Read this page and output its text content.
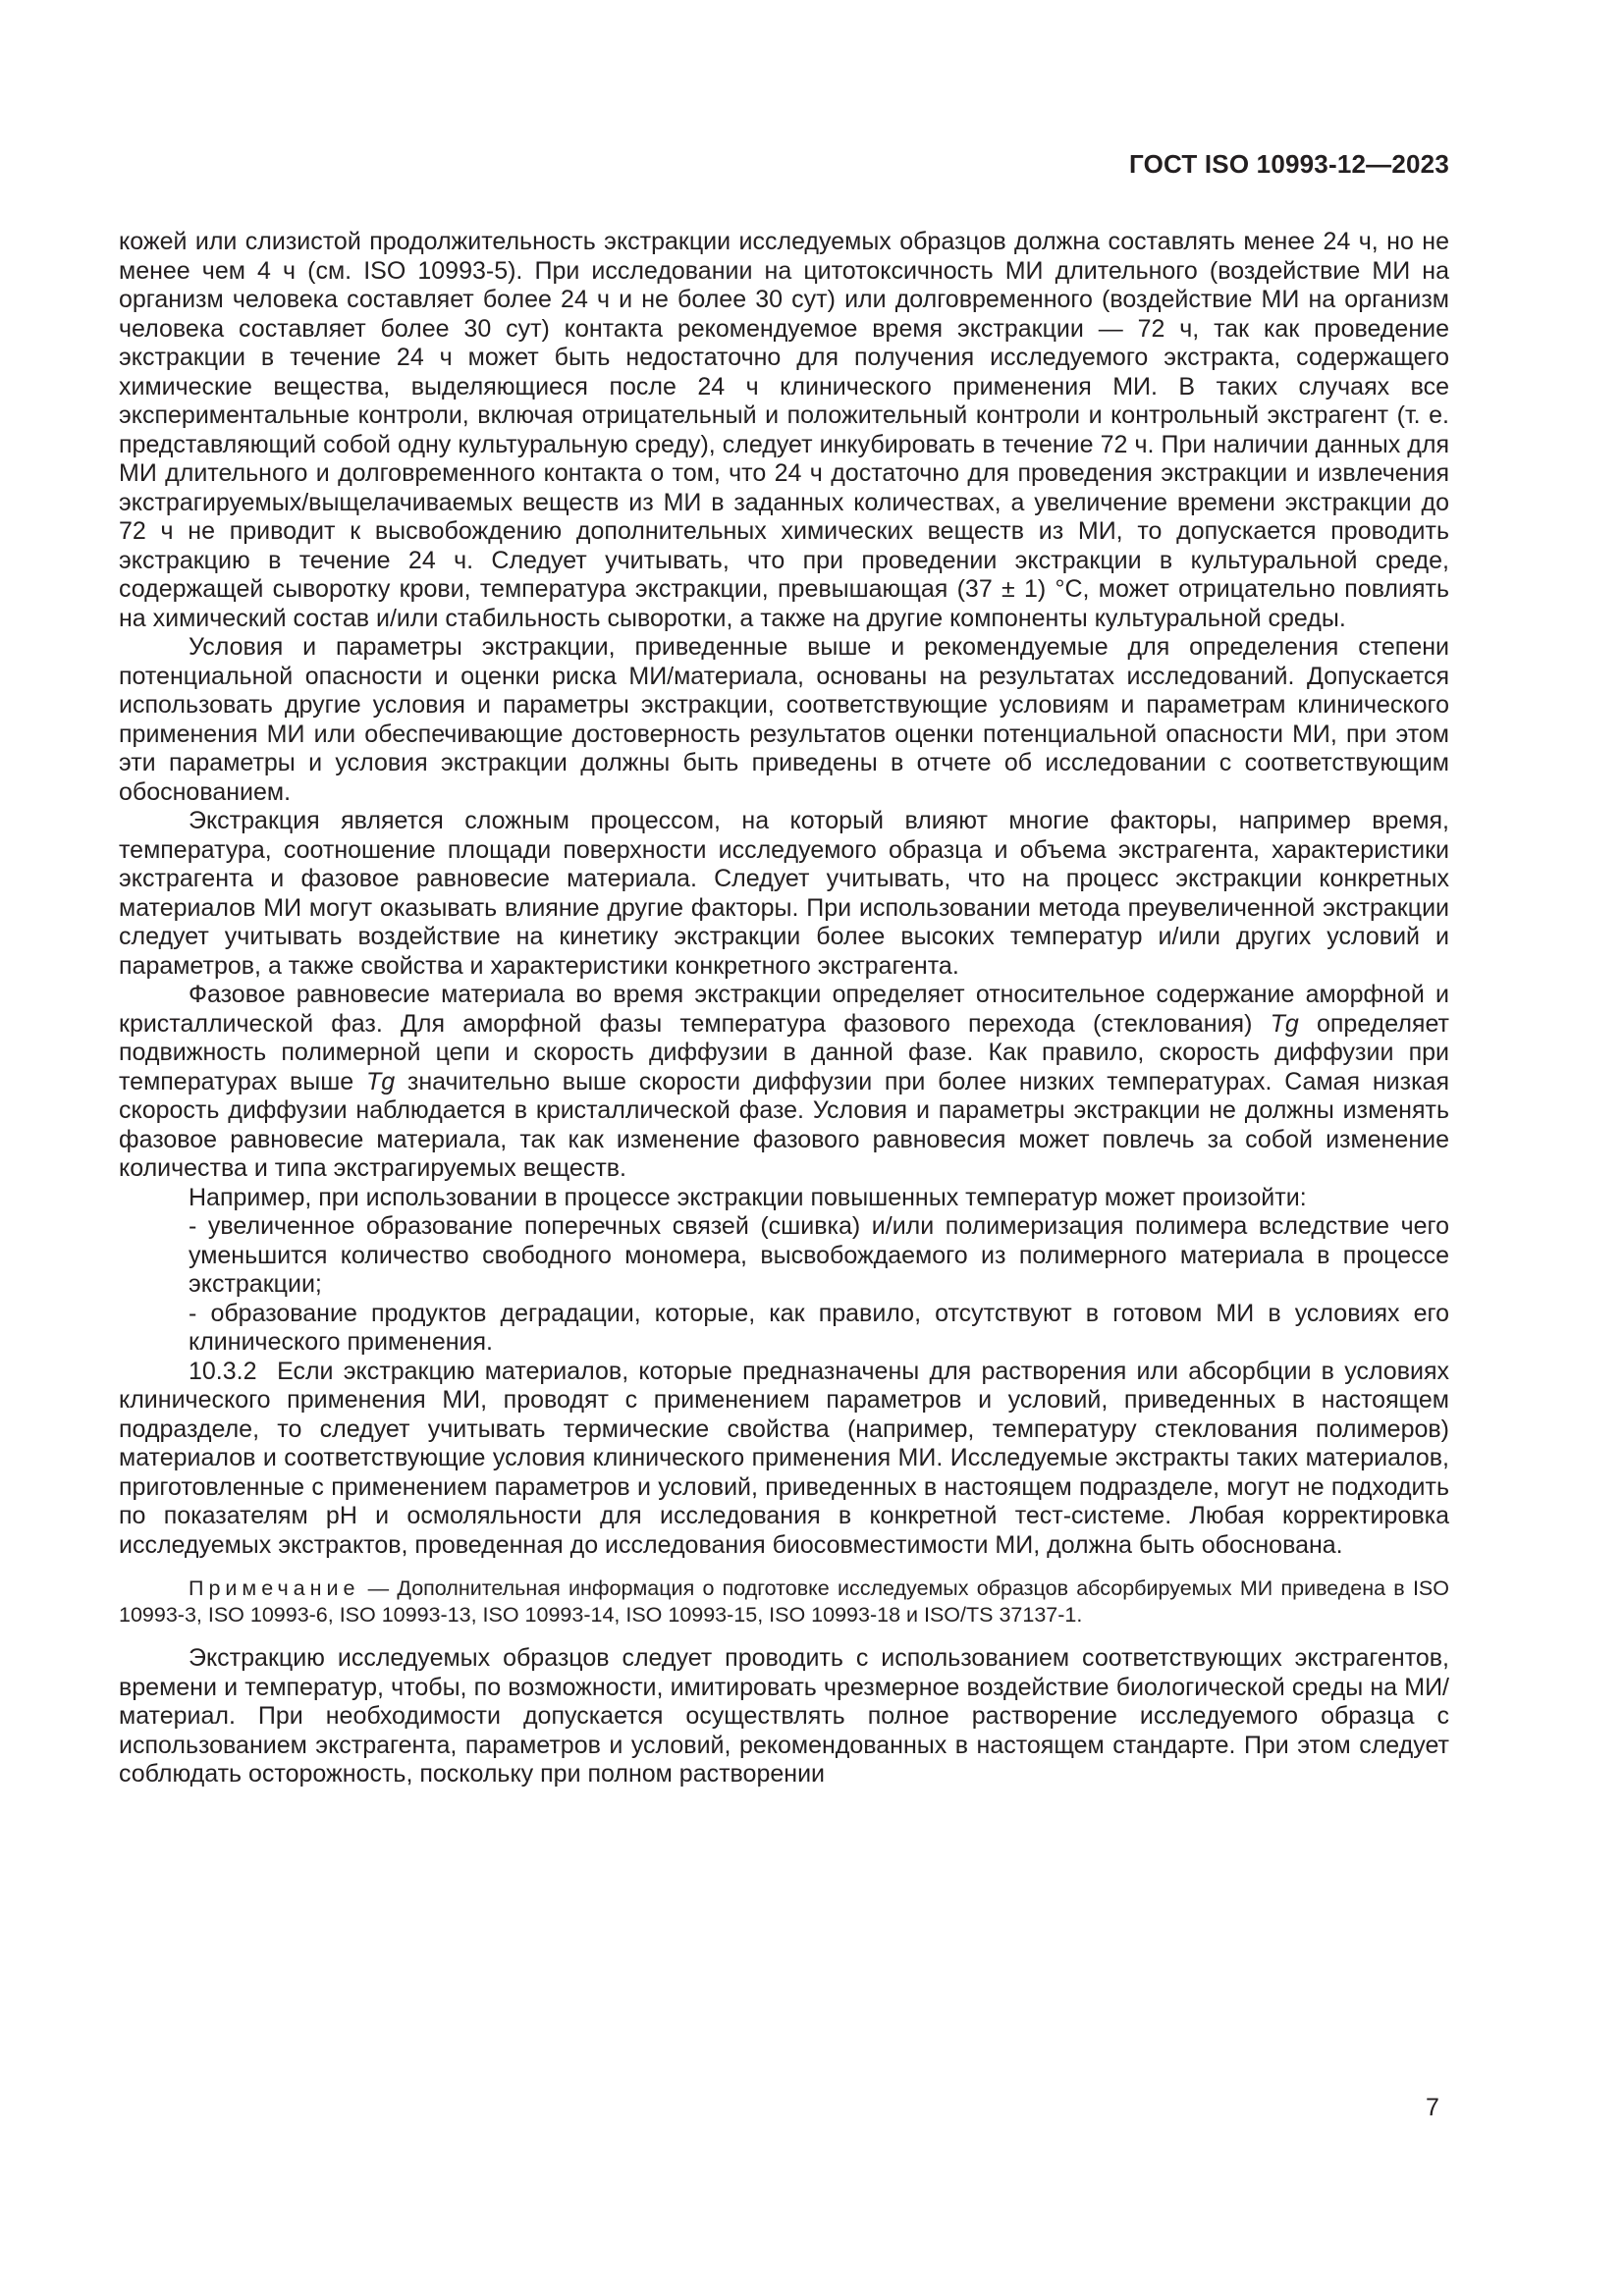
ГОСТ ISO 10993-12—2023

кожей или слизистой продолжительность экстракции исследуемых образцов должна составлять менее 24 ч, но не менее чем 4 ч (см. ISO 10993-5). При исследовании на цитотоксичность МИ длительного (воздействие МИ на организм человека составляет более 24 ч и не более 30 сут) или долговременного (воздействие МИ на организм человека составляет более 30 сут) контакта рекомендуемое время экстракции — 72 ч, так как проведение экстракции в течение 24 ч может быть недостаточно для получения исследуемого экстракта, содержащего химические вещества, выделяющиеся после 24 ч клинического применения МИ. В таких случаях все экспериментальные контроли, включая отрицательный и положительный контроли и контрольный экстрагент (т. е. представляющий собой одну культуральную среду), следует инкубировать в течение 72 ч. При наличии данных для МИ длительного и долговременного контакта о том, что 24 ч достаточно для проведения экстракции и извлечения экстрагируемых/выщелачиваемых веществ из МИ в заданных количествах, а увеличение времени экстракции до 72 ч не приводит к высвобождению дополнительных химических веществ из МИ, то допускается проводить экстракцию в течение 24 ч. Следует учитывать, что при проведении экстракции в культуральной среде, содержащей сыворотку крови, температура экстракции, превышающая (37 ± 1) °С, может отрицательно повлиять на химический состав и/или стабильность сыворотки, а также на другие компоненты культуральной среды.

Условия и параметры экстракции, приведенные выше и рекомендуемые для определения степени потенциальной опасности и оценки риска МИ/материала, основаны на результатах исследований. Допускается использовать другие условия и параметры экстракции, соответствующие условиям и параметрам клинического применения МИ или обеспечивающие достоверность результатов оценки потенциальной опасности МИ, при этом эти параметры и условия экстракции должны быть приведены в отчете об исследовании с соответствующим обоснованием.

Экстракция является сложным процессом, на который влияют многие факторы, например время, температура, соотношение площади поверхности исследуемого образца и объема экстрагента, характеристики экстрагента и фазовое равновесие материала. Следует учитывать, что на процесс экстракции конкретных материалов МИ могут оказывать влияние другие факторы. При использовании метода преувеличенной экстракции следует учитывать воздействие на кинетику экстракции более высоких температур и/или других условий и параметров, а также свойства и характеристики конкретного экстрагента.

Фазовое равновесие материала во время экстракции определяет относительное содержание аморфной и кристаллической фаз. Для аморфной фазы температура фазового перехода (стеклования) Tg определяет подвижность полимерной цепи и скорость диффузии в данной фазе. Как правило, скорость диффузии при температурах выше Tg значительно выше скорости диффузии при более низких температурах. Самая низкая скорость диффузии наблюдается в кристаллической фазе. Условия и параметры экстракции не должны изменять фазовое равновесие материала, так как изменение фазового равновесия может повлечь за собой изменение количества и типа экстрагируемых веществ.

Например, при использовании в процессе экстракции повышенных температур может произойти:

- увеличенное образование поперечных связей (сшивка) и/или полимеризация полимера вследствие чего уменьшится количество свободного мономера, высвобождаемого из полимерного материала в процессе экстракции;

- образование продуктов деградации, которые, как правило, отсутствуют в готовом МИ в условиях его клинического применения.

10.3.2 Если экстракцию материалов, которые предназначены для растворения или абсорбции в условиях клинического применения МИ, проводят с применением параметров и условий, приведенных в настоящем подразделе, то следует учитывать термические свойства (например, температуру стеклования полимеров) материалов и соответствующие условия клинического применения МИ. Исследуемые экстракты таких материалов, приготовленные с применением параметров и условий, приведенных в настоящем подразделе, могут не подходить по показателям pH и осмоляльности для исследования в конкретной тест-системе. Любая корректировка исследуемых экстрактов, проведенная до исследования биосовместимости МИ, должна быть обоснована.

Примечание — Дополнительная информация о подготовке исследуемых образцов абсорбируемых МИ приведена в ISO 10993-3, ISO 10993-6, ISO 10993-13, ISO 10993-14, ISO 10993-15, ISO 10993-18 и ISO/TS 37137-1.

Экстракцию исследуемых образцов следует проводить с использованием соответствующих экстрагентов, времени и температур, чтобы, по возможности, имитировать чрезмерное воздействие биологической среды на МИ/материал. При необходимости допускается осуществлять полное растворение исследуемого образца с использованием экстрагента, параметров и условий, рекомендованных в настоящем стандарте. При этом следует соблюдать осторожность, поскольку при полном растворении

7
